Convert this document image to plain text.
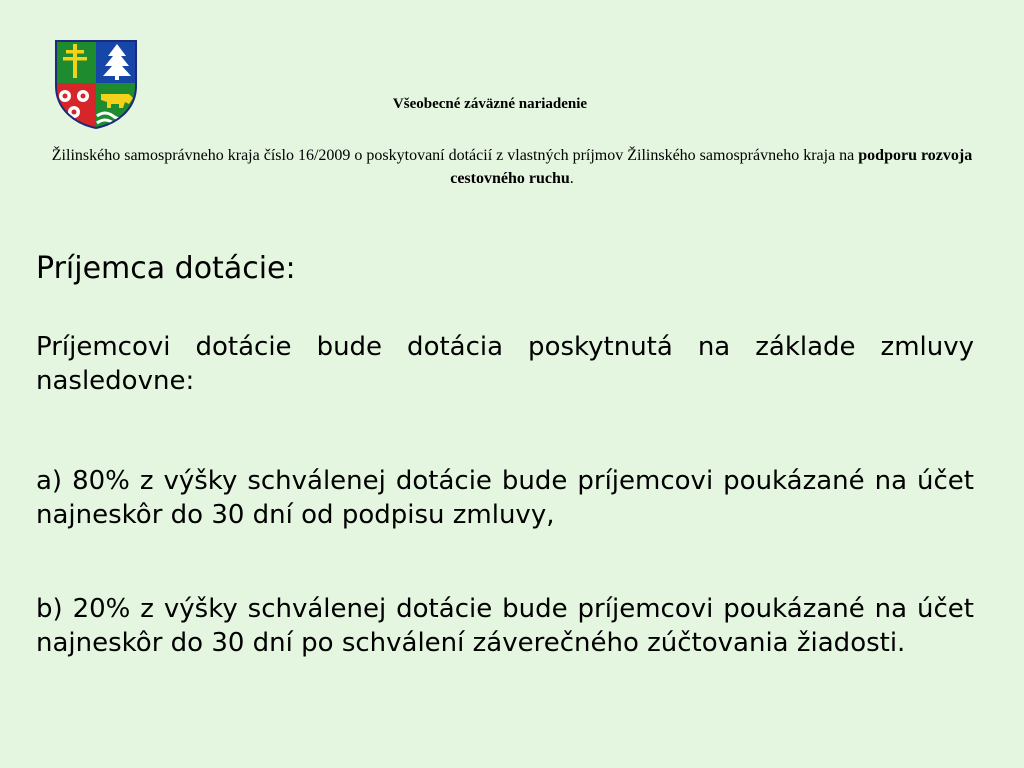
Všeobecné záväzné nariadenie
Žilinského samosprávneho kraja číslo 16/2009 o poskytovaní dotácií z vlastných príjmov Žilinského samosprávneho kraja na podporu rozvoja cestovného ruchu.
Príjemca dotácie:
Príjemcovi dotácie bude dotácia poskytnutá na základe zmluvy nasledovne:
a) 80% z výšky schválenej dotácie bude príjemcovi poukázané na účet najneskôr do 30 dní od podpisu zmluvy,
b) 20% z výšky schválenej dotácie bude príjemcovi poukázané na účet najneskôr do 30 dní po schválení záverečného zúčtovania žiadosti.
